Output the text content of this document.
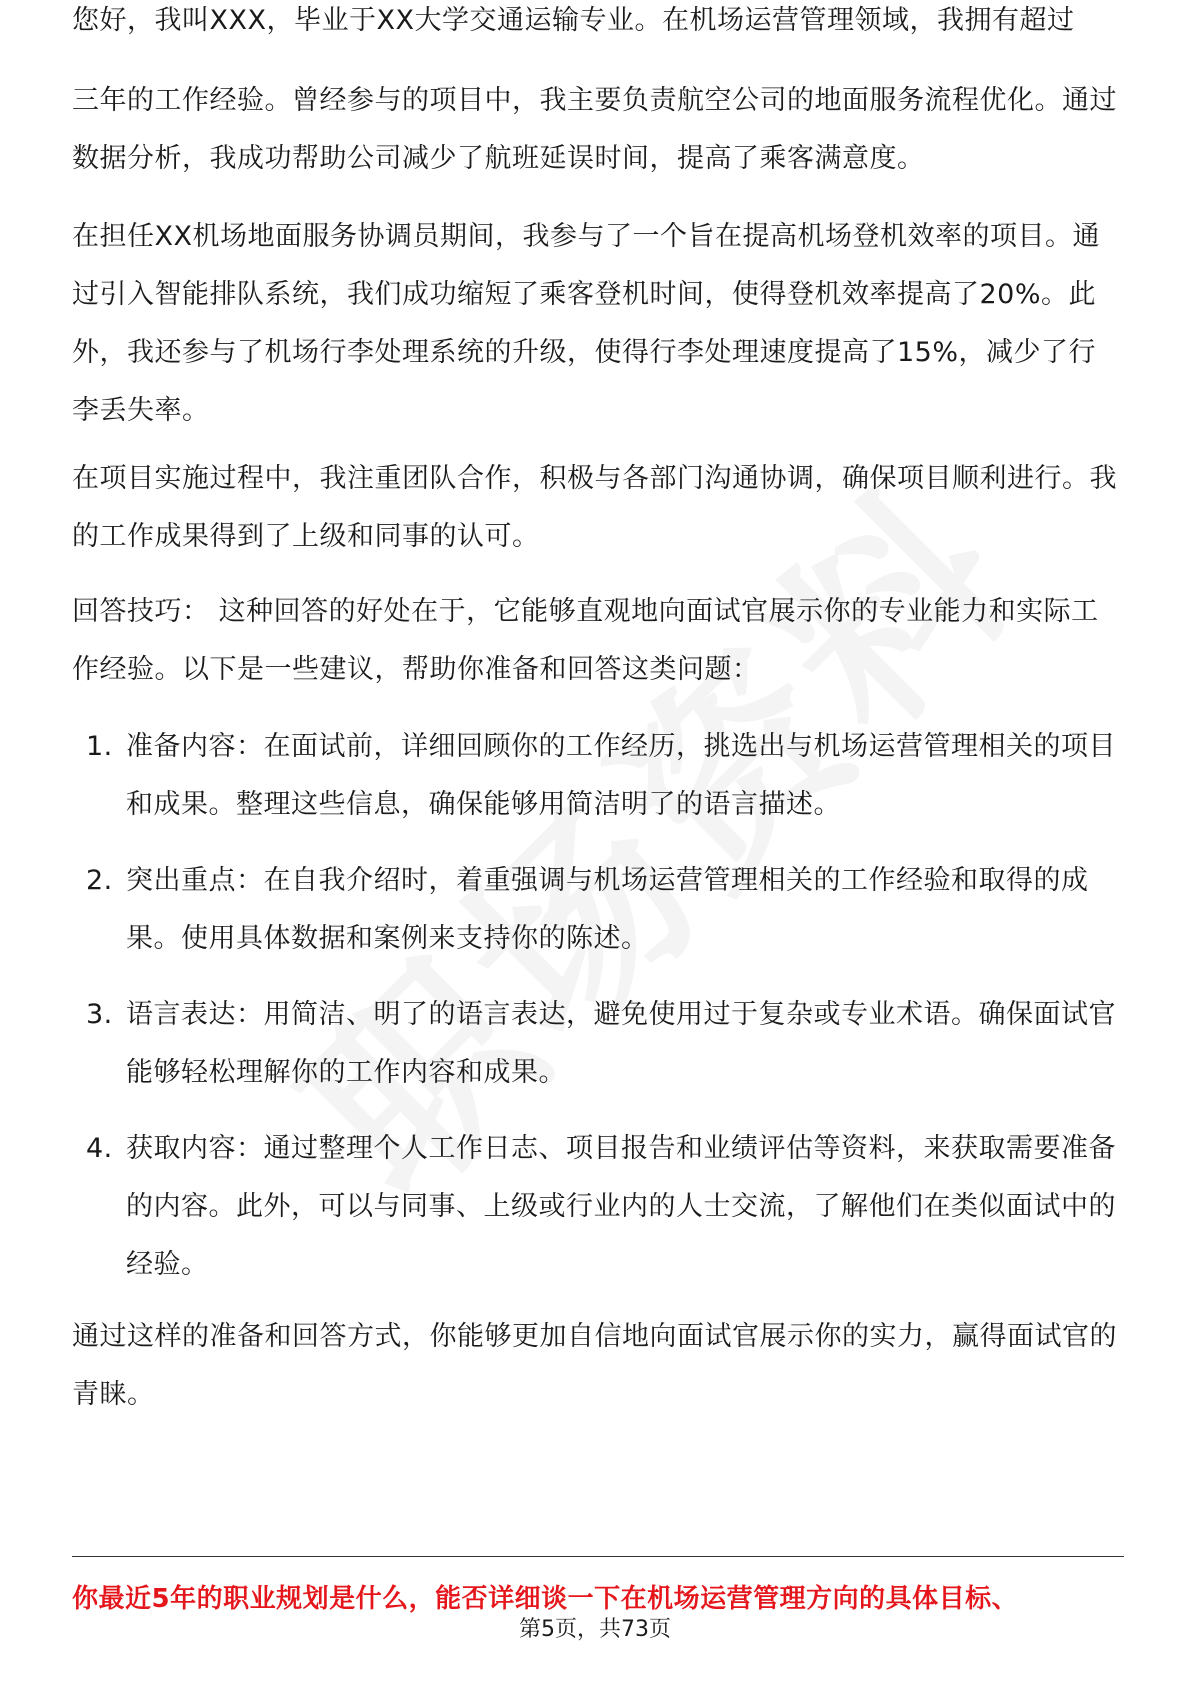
您好，我叫XXX，毕业于XX大学交通运输专业。在机场运营管理领域，我拥有超过
三年的工作经验。曾经参与的项目中，我主要负责航空公司的地面服务流程优化。通过数据分析，我成功帮助公司减少了航班延误时间，提高了乘客满意度。
在担任XX机场地面服务协调员期间，我参与了一个旨在提高机场登机效率的项目。通过引入智能排队系统，我们成功缩短了乘客登机时间，使得登机效率提高了20%。此外，我还参与了机场行李处理系统的升级，使得行李处理速度提高了15%，减少了行李丢失率。
在项目实施过程中，我注重团队合作，积极与各部门沟通协调，确保项目顺利进行。我的工作成果得到了上级和同事的认可。
回答技巧： 这种回答的好处在于，它能够直观地向面试官展示你的专业能力和实际工作经验。以下是一些建议，帮助你准备和回答这类问题：
1. 准备内容：在面试前，详细回顾你的工作经历，挑选出与机场运营管理相关的项目和成果。整理这些信息，确保能够用简洁明了的语言描述。
2. 突出重点：在自我介绍时，着重强调与机场运营管理相关的工作经验和取得的成果。使用具体数据和案例来支持你的陈述。
3. 语言表达：用简洁、明了的语言表达，避免使用过于复杂或专业术语。确保面试官能够轻松理解你的工作内容和成果。
4. 获取内容：通过整理个人工作日志、项目报告和业绩评估等资料，来获取需要准备的内容。此外，可以与同事、上级或行业内的人士交流，了解他们在类似面试中的经验。
通过这样的准备和回答方式，你能够更加自信地向面试官展示你的实力，赢得面试官的青睐。
你最近5年的职业规划是什么，能否详细谈一下在机场运营管理方向的具体目标、
第5页，共73页
